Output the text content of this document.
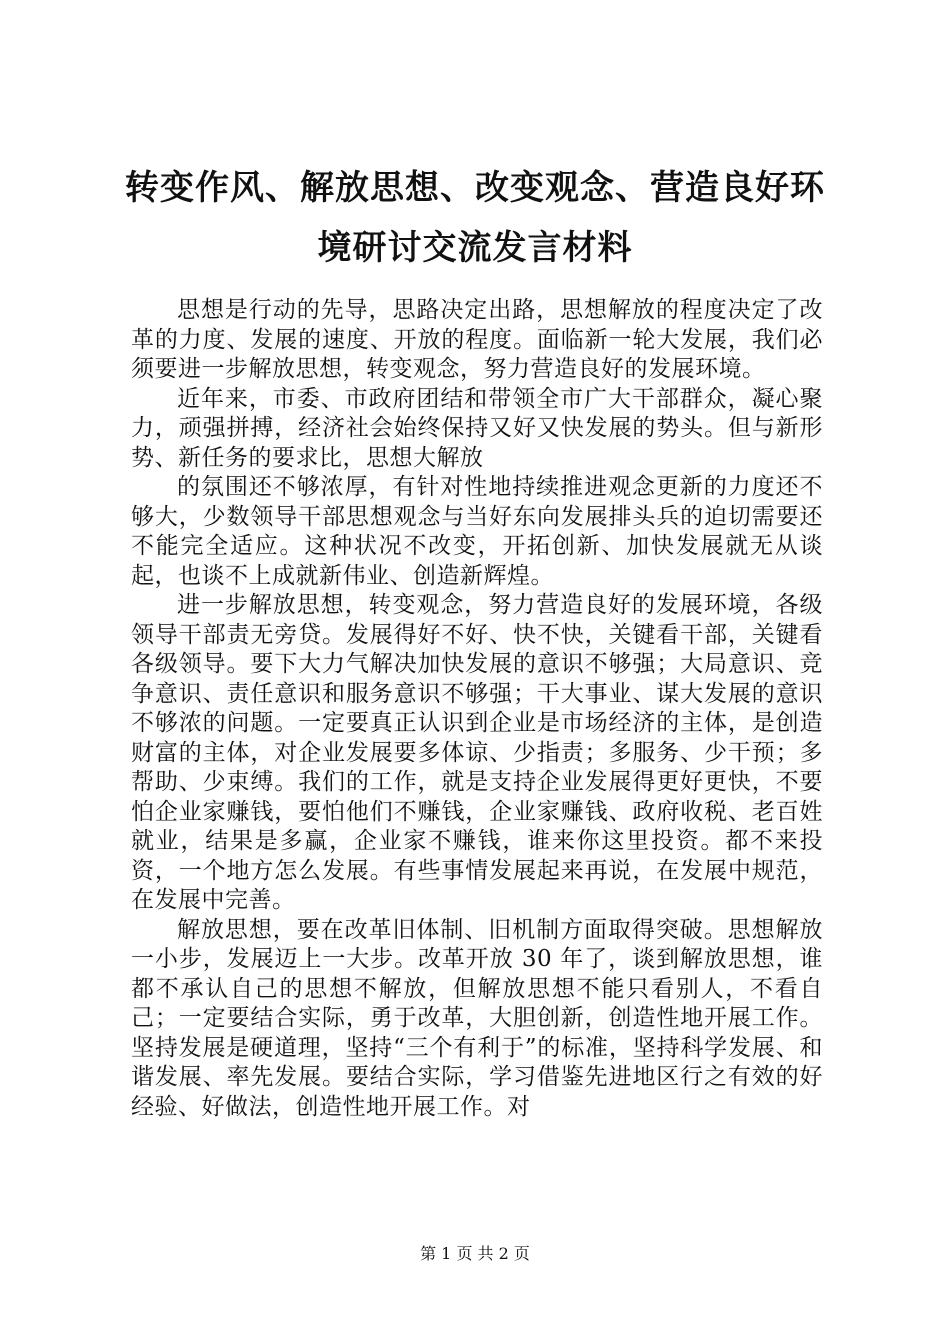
转变作风、解放思想、改变观念、营造良好环
境研讨交流发言材料

思想是行动的先导，思路决定出路，思想解放的程度决定了改革的力度、发展的速度、开放的程度。面临新一轮大发展，我们必须要进一步解放思想，转变观念，努力营造良好的发展环境。

近年来，市委、市政府团结和带领全市广大干部群众，凝心聚力，顽强拼搏，经济社会始终保持又好又快发展的势头。但与新形势、新任务的要求比，思想大解放

的氛围还不够浓厚，有针对性地持续推进观念更新的力度还不够大，少数领导干部思想观念与当好东向发展排头兵的迫切需要还不能完全适应。这种状况不改变，开拓创新、加快发展就无从谈起，也谈不上成就新伟业、创造新辉煌。

进一步解放思想，转变观念，努力营造良好的发展环境，各级领导干部责无旁贷。发展得好不好、快不快，关键看干部，关键看各级领导。要下大力气解决加快发展的意识不够强；大局意识、竞争意识、责任意识和服务意识不够强；干大事业、谋大发展的意识不够浓的问题。一定要真正认识到企业是市场经济的主体，是创造财富的主体，对企业发展要多体谅、少指责；多服务、少干预；多帮助、少束缚。我们的工作，就是支持企业发展得更好更快，不要怕企业家赚钱，要怕他们不赚钱，企业家赚钱、政府收税、老百姓就业，结果是多赢，企业家不赚钱，谁来你这里投资。都不来投资，一个地方怎么发展。有些事情发展起来再说，在发展中规范，在发展中完善。

解放思想，要在改革旧体制、旧机制方面取得突破。思想解放一小步，发展迈上一大步。改革开放 30 年了，谈到解放思想，谁都不承认自己的思想不解放，但解放思想不能只看别人，不看自己；一定要结合实际，勇于改革，大胆创新，创造性地开展工作。坚持发展是硬道理，坚持“三个有利于”的标准，坚持科学发展、和谐发展、率先发展。要结合实际，学习借鉴先进地区行之有效的好经验、好做法，创造性地开展工作。对

第 1 页 共 2 页
